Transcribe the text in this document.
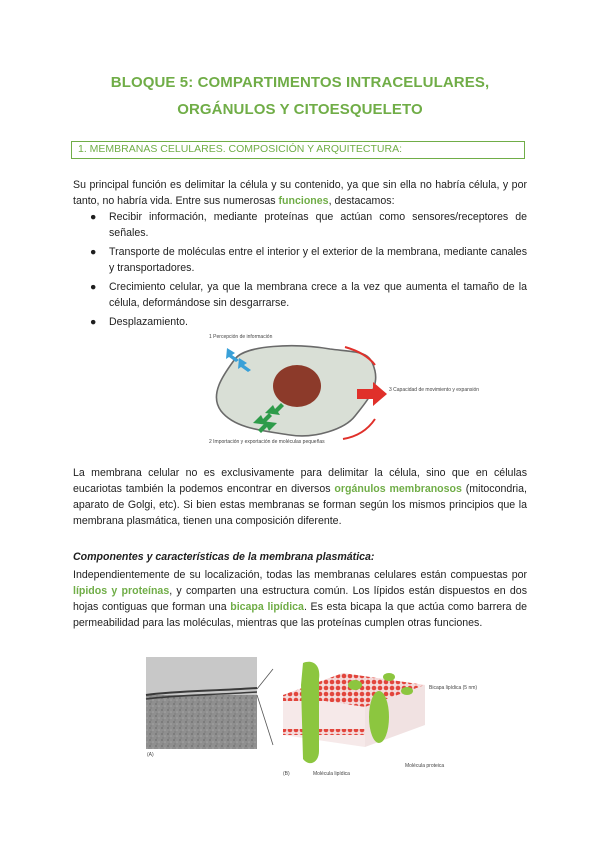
BLOQUE 5: COMPARTIMENTOS INTRACELULARES,
ORGÁNULOS Y CITOESQUELETO
1. MEMBRANAS CELULARES. COMPOSICIÓN Y ARQUITECTURA:
Su principal función es delimitar la célula y su contenido, ya que sin ella no habría célula, y por tanto, no habría vida. Entre sus numerosas funciones, destacamos:
● Recibir información, mediante proteínas que actúan como sensores/receptores de señales.
● Transporte de moléculas entre el interior y el exterior de la membrana, mediante canales y transportadores.
● Crecimiento celular, ya que la membrana crece a la vez que aumenta el tamaño de la célula, deformándose sin desgarrarse.
● Desplazamiento.
1 Percepción de información
2 Importación y exportación de moléculas pequeñas
3 Capacidad de movimiento y expansión
La membrana celular no es exclusivamente para delimitar la célula, sino que en células eucariotas también la podemos encontrar en diversos orgánulos membranosos (mitocondria, aparato de Golgi, etc). Si bien estas membranas se forman según los mismos principios que la membrana plasmática, tienen una composición diferente.
Componentes y características de la membrana plasmática:
Independientemente de su localización, todas las membranas celulares están compuestas por lípidos y proteínas, y comparten una estructura común. Los lípidos están dispuestos en dos hojas contiguas que forman una bicapa lipídica. Es esta bicapa la que actúa como barrera de permeabilidad para las moléculas, mientras que las proteínas cumplen otras funciones.
(A)
Bicapa lipídica (5 nm)
Molécula lipídica
Molécula proteica
(B)
